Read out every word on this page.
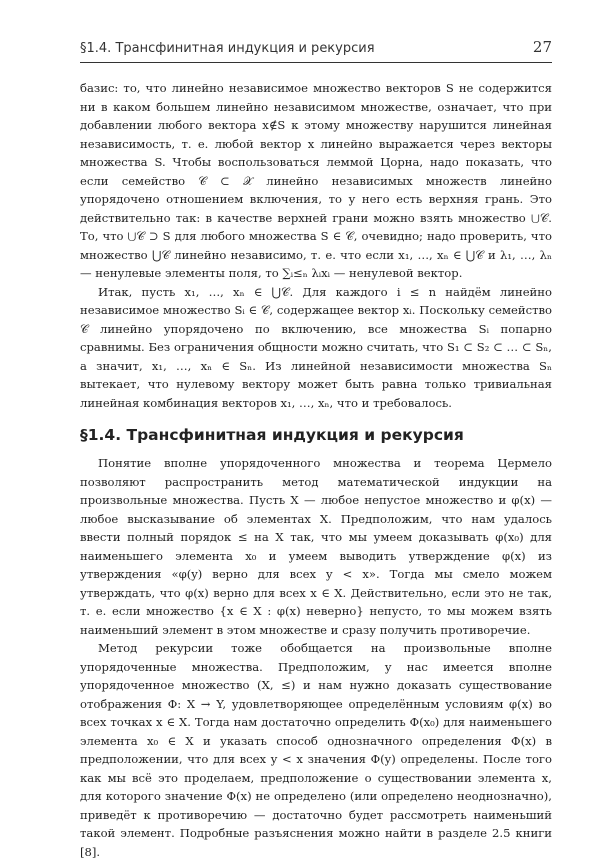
§1.4. Трансфинитная индукция и рекурсия	27

базис: то, что линейно независимое множество векторов S не содержится ни в каком большем линейно независимом множестве, означает, что при добавлении любого вектора x∉S к этому множеству нарушится линейная независимость, т. е. любой вектор x линейно выражается через векторы множества S. Чтобы воспользоваться леммой Цорна, надо показать, что если семейство 𝒞 ⊂ 𝒳 линейно независимых множеств линейно упорядочено отношением включения, то у него есть верхняя грань. Это действительно так: в качестве верхней грани можно взять множество ⋃𝒞. То, что ⋃𝒞 ⊃ S для любого множества S ∈ 𝒞, очевидно; надо проверить, что множество ⋃𝒞 линейно независимо, т. е. что если x₁, …, xₙ ∈ ⋃𝒞 и λ₁, …, λₙ — ненулевые элементы поля, то ∑ᵢ≤ₙ λᵢxᵢ — ненулевой вектор.

Итак, пусть x₁, …, xₙ ∈ ⋃𝒞. Для каждого i ≤ n найдём линейно независимое множество Sᵢ ∈ 𝒞, содержащее вектор xᵢ. Поскольку семейство 𝒞 линейно упорядочено по включению, все множества Sᵢ попарно сравнимы. Без ограничения общности можно считать, что S₁ ⊂ S₂ ⊂ … ⊂ Sₙ, а значит, x₁, …, xₙ ∈ Sₙ. Из линейной независимости множества Sₙ вытекает, что нулевому вектору может быть равна только тривиальная линейная комбинация векторов x₁, …, xₙ, что и требовалось.

§1.4. Трансфинитная индукция и рекурсия

Понятие вполне упорядоченного множества и теорема Цермело позволяют распространить метод математической индукции на произвольные множества. Пусть X — любое непустое множество и φ(x) — любое высказывание об элементах X. Предположим, что нам удалось ввести полный порядок ≤ на X так, что мы умеем доказывать φ(x₀) для наименьшего элемента x₀ и умеем выводить утверждение φ(x) из утверждения «φ(y) верно для всех y < x». Тогда мы смело можем утверждать, что φ(x) верно для всех x ∈ X. Действительно, если это не так, т. е. если множество {x ∈ X : φ(x) неверно} непусто, то мы можем взять наименьший элемент в этом множестве и сразу получить противоречие.

Метод рекурсии тоже обобщается на произвольные вполне упорядоченные множества. Предположим, у нас имеется вполне упорядоченное множество (X, ≤) и нам нужно доказать существование отображения Φ: X → Y, удовлетворяющее определённым условиям φ(x) во всех точках x ∈ X. Тогда нам достаточно определить Φ(x₀) для наименьшего элемента x₀ ∈ X и указать способ однозначного определения Φ(x) в предположении, что для всех y < x значения Φ(y) определены. После того как мы всё это проделаем, предположение о существовании элемента x, для которого значение Φ(x) не определено (или определено неоднозначно), приведёт к противоречию — достаточно будет рассмотреть наименьший такой элемент. Подробные разъяснения можно найти в разделе 2.5 книги [8].
